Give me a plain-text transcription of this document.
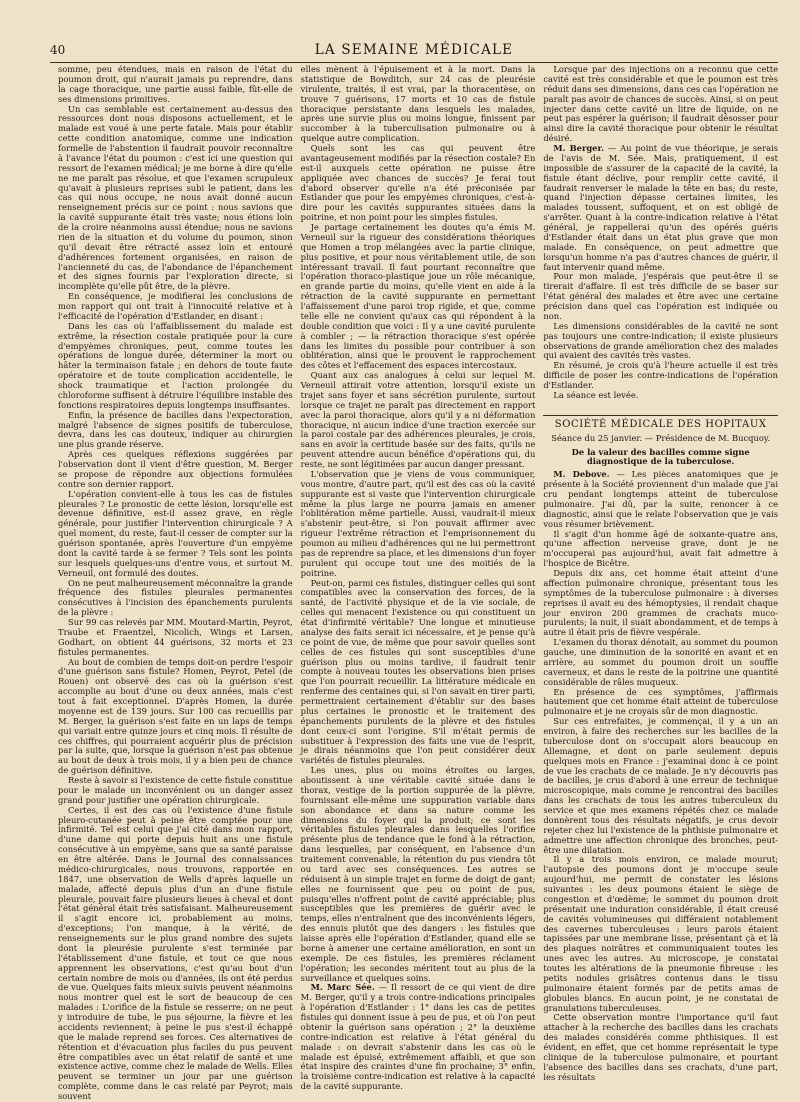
40	LA SEMAINE MÉDICALE

somme, peu étendues, mais en raison de l'état du poumon droit, qui n'aurait jamais pu reprendre, dans la cage thoracique, une partie aussi faible, fût-elle de ses dimensions primitives.

Un cas semblable est certainement au-dessus des ressources dont nous disposons actuellement, et le malade est voué à une perte fatale. Mais pour établir cette condition anatomique, comme une indication formelle de l'abstention il faudrait pouvoir reconnaître à l'avance l'état du poumon : c'est ici une question qui ressort de l'examen médical; je me borne à dire qu'elle ne me paraît pas résolue, et que l'examen scrupuleux qu'avait à plusieurs reprises subi le patient, dans les cas qui nous occupe, ne nous avait donné aucun renseignement précis sur ce point : nous savions que la cavité suppurante était très vaste; nous étions loin de la croire néanmoins aussi étendue; nous ne savions rien de la situation et du volume du poumon, sinon qu'il devait être rétracté assez loin et entouré d'adhérences fortement organisées, en raison de l'ancienneté du cas, de l'abondance de l'épanchement et des signes fournis par l'exploration directe, si incomplète qu'elle pût être, de la plèvre.

En conséquence, je modifierai les conclusions de mon rapport qui ont trait à l'innocuité relative et à l'efficacité de l'opération d'Estlander, en disant :

Dans les cas où l'affaiblissement du malade est extrême, la résection costale pratiquée pour la cure d'empyèmes chroniques, peut, comme toutes les opérations de longue durée, déterminer la mort ou hâter la terminaison fatale ; en dehors de toute faute opératoire et de toute complication accidentelle, le shock traumatique et l'action prolongée du chloroforme suffisent à détruire l'équilibre instable des fonctions respiratoires depuis longtemps insuffisantes.

Enfin, la présence de bacilles dans l'expectoration, malgré l'absence de signes positifs de tuberculose, devra, dans les cas douteux, indiquer au chirurgien une plus grande réserve.

Après ces quelques réflexions suggérées par l'observation dont il vient d'être question, M. Berger se propose de répondre aux objections formulées contre son dernier rapport.

L'opération convient-elle à tous les cas de fistules pleurales ? Le pronostic de cette lésion, lorsqu'elle est devenue définitive, est-il assez grave, en règle générale, pour justifier l'intervention chirurgicale ? A quel moment, du reste, faut-il cesser de compter sur la guérison spontanée, après l'ouverture d'un empyème dont la cavité tarde à se fermer ? Tels sont les points sur lesquels quelques-uns d'entre vous, et surtout M. Verneuil, ont formulé des doutes.

On ne peut malheureusement méconnaître la grande fréquence des fistules pleurales permanentes consécutives à l'incision des épanchements purulents de la plèvre :

Sur 99 cas relevés par MM. Moutard-Martin, Peyrot, Traube et Fraentzel, Nicolich, Wings et Larsen, Godhart, on obtient 44 guérisons, 32 morts et 23 fistules permanentes.

Au bout de combien de temps doit-on perdre l'espoir d'une guérison sans fistule? Homen, Peyrot, Petel (de Rouen) ont observé des cas où la guérison s'est accomplie au bout d'une ou deux années, mais c'est tout à fait exceptionnel. D'après Homen, la durée moyenne est de 139 jours. Sur 100 cas recueillis par M. Berger, la guérison s'est faite en un laps de temps qui variait entre quinze jours et cinq mois. Il résulte de ces chiffres, qui pourraient acquérir plus de précision par la suite, que, lorsque la guérison n'est pas obtenue au bout de deux à trois mois, il y a bien peu de chance de guérison définitive.

Reste à savoir si l'existence de cette fistule constitue pour le malade un inconvénient ou un danger assez grand pour justifier une opération chirurgicale.

Certes, il est des cas où l'existence d'une fistule pleuro-cutanée peut à peine être comptée pour une infirmité. Tel est celui que j'ai cité dans mon rapport, d'une dame qui porte depuis huit ans une fistule consécutive à un empyème, sans que sa santé paraisse en être altérée. Dans le Journal des connaissances médico-chirurgicales, nous trouvons, rapportée en 1847, une observation de Wells d'après laquelle un malade, affecté depuis plus d'un an d'une fistule pleurale, pouvait faire plusieurs lieues à cheval et dont l'état général était très satisfaisant. Malheureusement il s'agit encore ici, probablement au moins, d'exceptions; l'on manque, à la vérité, de renseignements sur le plus grand nombre des sujets dont la pleurésie purulente s'est terminée par l'établissement d'une fistule, et tout ce que nous apprennent les observations, c'est qu'au bout d'un certain nombre de mois ou d'années, ils ont été perdus de vue. Quelques faits mieux suivis peuvent néanmoins nous montrer quel est le sort de beaucoup de ces malades : L'orifice de la fistule se resserre; on ne peut y introduire de tube, le pus séjourne, la fièvre et les accidents reviennent; à peine le pus s'est-il échappé que le malade reprend ses forces. Ces alternatives de rétention et d'évacuation plus faciles du pus peuvent être compatibles avec un état relatif de santé et une existence active, comme chez le malade de Wells. Elles peuvent se terminer un jour par une guérison complète, comme dans le cas relaté par Peyrot; mais souvent

elles mènent à l'épuisement et à la mort. Dans la statistique de Bowditch, sur 24 cas de pleurésie virulente, traités, il est vrai, par la thoracentèse, on trouve 7 guérisons, 17 morts et 10 cas de fistule thoracique persistante dans lesquels les malades, après une survie plus ou moins longue, finissent par succomber à la tuberculisation pulmonaire ou à quelque autre complication.

Quels sont les cas qui peuvent être avantageusement modifiés par la résection costale? En est-il auxquels cette opération ne puisse être appliquée avec chances de succès? Je ferai tout d'abord observer qu'elle n'a été préconisée par Estlander que pour les empyèmes chroniques, c'est-à-dire pour les cavités suppurantes situées dans la poitrine, et non point pour les simples fistules.

Je partage certainement les doutes qu'a émis M. Verneuil sur la rigueur des considérations théoriques que Homen a trop mélangées avec la partie clinique, plus positive, et pour nous véritablement utile, de son intéressant travail. Il faut pourtant reconnaître que l'opération thoraco-plastique joue un rôle mécanique, en grande partie du moins, qu'elle vient en aide à la rétraction de la cavité suppurante en permettant l'affaissement d'une paroi trop rigide, et que, comme telle elle ne convient qu'aux cas qui répondent à la double condition que voici : Il y a une cavité purulente à combler ; — la rétraction thoracique s'est opérée dans les limites du possible pour contribuer à son oblitération, ainsi que le prouvent le rapprochement des côtes et l'effacement des espaces intercostaux.

Quant aux cas analogues à celui sur lequel M. Verneuil attirait votre attention, lorsqu'il existe un trajet sans foyer et sans sécrétion purulente, surtout lorsque ce trajet ne paraît pas directement en rapport avec la paroi thoracique, alors qu'il y a ni déformation thoracique, ni aucun indice d'une traction exercée sur la paroi costale par des adhérences pleurales, je crois, sans en avoir la certitude basée sur des faits, qu'ils ne peuvent attendre aucun bénéfice d'opérations qui, du reste, ne sont légitimées par aucun danger pressant.

L'observation que je viens de vous communiquer, vous montre, d'autre part, qu'il est des cas où la cavité suppurante est si vaste que l'intervention chirurgicale même la plus large ne pourra jamais en amener l'oblitération même partielle. Aussi, vaudrait-il mieux s'abstenir peut-être, si l'on pouvait affirmer avec rigueur l'extrême rétraction et l'emprisonnement du poumon au milieu d'adhérences qui ne lui permettront pas de reprendre sa place, et les dimensions d'un foyer purulent qui occupe tout une des moitiés de la poitrine.

Peut-on, parmi ces fistules, distinguer celles qui sont compatibles avec la conservation des forces, de la santé, de l'activité physique et de la vie sociale, de celles qui menacent l'existence ou qui constituent un état d'infirmité véritable? Une longue et minutieuse analyse des faits serait ici nécessaire, et je pense qu'à ce point de vue, de même que pour savoir quelles sont celles de ces fistules qui sont susceptibles d'une guérison plus ou moins tardive, il faudrait tenir compte à nouveau toutes les observations bien prises que l'on pourrait recueillir. La littérature médicale en renferme des centaines qui, si l'on savait en tirer parti, permettraient certainement d'établir sur des bases plus certaines le pronostic et le traitement des épanchements purulents de la plèvre et des fistules dont ceux-ci sont l'origine. S'il m'était permis de substituer à l'expression des faits une vue de l'esprit, je dirais néanmoins que l'on peut considérer deux variétés de fistules pleurales.

Les unes, plus ou moins étroites ou larges, aboutissent à une véritable cavité située dans le thorax, vestige de la portion suppurée de la plèvre, fournissant elle-même une suppuration variable dans son abondance et dans sa nature comme les dimensions du foyer qui la produit; ce sont les véritables fistules pleurales dans lesquelles l'orifice présente plus de tendance que le fond à la rétraction, dans lesquelles, par conséquent, en l'absence d'un traitement convenable, la rétention du pus viendra tôt ou tard avec ses conséquences. Les autres se réduisent à un simple trajet en forme de doigt de gant; elles ne fournissent que peu ou point de pus, puisqu'elles n'offrent point de cavité appréciable; plus susceptibles que les premières de guérir avec le temps, elles n'entraînent que des inconvénients légers, des ennuis plutôt que des dangers : les fistules que laisse après elle l'opération d'Estlander, quand elle se borne à amener une certaine amélioration, en sont un exemple. De ces fistules, les premières réclament l'opération; les secondes méritent tout au plus de la surveillance et quelques soins.

M. Marc Sée. — Il ressort de ce qui vient de dire M. Berger, qu'il y a trois contre-indications principales à l'opération d'Estlander : 1° dans les cas de petites fistules qui donnent issue à peu de pus, et où l'on peut obtenir la guérison sans opération ; 2° la deuxième contre-indication est relative à l'état général du malade : on devrait s'abstenir dans les cas où le malade est épuisé, extrêmement affaibli, et que son état inspire des craintes d'une fin prochaine; 3° enfin, la troisième contre-indication est relative à la capacité de la cavité suppurante.

Lorsque par des injections on a reconnu que cette cavité est très considérable et que le poumon est très réduit dans ses dimensions, dans ces cas l'opération ne paraît pas avoir de chances de succès. Ainsi, si on peut injecter dans cette cavité un litre de liquide, on ne peut pas espérer la guérison; il faudrait désosser pour ainsi dire la cavité thoracique pour obtenir le résultat désiré.

M. Berger. — Au point de vue théorique, je serais de l'avis de M. Sée. Mais, pratiquement, il est impossible de s'assurer de la capacité de la cavité, la fistule étant déclive, pour remplir cette cavité, il faudrait renverser le malade la tête en bas; du reste, quand l'injection dépasse certaines limites, les malades toussent, suffoquent, et on est obligé de s'arrêter. Quant à la contre-indication relative à l'état général, je rappellerai qu'un des opérés guéris d'Estlander était dans un état plus grave que mon malade. En conséquence, on peut admettre que lorsqu'un homme n'a pas d'autres chances de guérir, il faut intervenir quand même.

Pour mon malade, j'espérais que peut-être il se tirerait d'affaire. Il est très difficile de se baser sur l'état général des malades et être avec une certaine précision dans quel cas l'opération est indiquée ou non.

Les dimensions considérables de la cavité ne sont pas toujours une contre-indication; il existe plusieurs observations de grande amélioration chez des malades qui avaient des cavités très vastes.

En résumé, je crois qu'à l'heure actuelle il est très difficile de poser les contre-indications de l'opération d'Estlander.

La séance est levée.

SOCIÉTÉ MÉDICALE DES HOPITAUX
Séance du 25 janvier. — Présidence de M. Bucquoy.
De la valeur des bacilles comme signe diagnostique de la tuberculose.

M. Debove. — Les pièces anatomiques que je présente à la Société proviennent d'un malade que j'ai cru pendant longtemps atteint de tuberculose pulmonaire. J'ai dû, par la suite, renoncer à ce diagnostic, ainsi que le relate l'observation que je vais vous résumer brièvement.

Il s'agit d'un homme âgé de soixante-quatre ans, qu'une affection nerveuse grave, dont je ne m'occuperai pas aujourd'hui, avait fait admettre à l'hospice de Bicêtre.

Depuis dix ans, cet homme était atteint d'une affection pulmonaire chronique, présentant tous les symptômes de la tuberculose pulmonaire : à diverses reprises il avait eu des hémoptysies, il rendait chaque jour environ 200 grammes de crachats muco-purulents; la nuit, il suait abondamment, et de temps à autre il était pris de fièvre vespérale.

L'examen du thorax dénotait, au sommet du poumon gauche, une diminution de la sonorité en avant et en arrière, au sommet du poumon droit un souffle caverneux, et dans le reste de la poitrine une quantité considérable de râles muqueux.

En présence de ces symptômes, j'affirmais hautement que cet homme était atteint de tuberculose pulmonaire et je ne croyais sûr de mon diagnostic.

Sur ces entrefaites, je commençai, il y a un an environ, à faire des recherches sur les bacilles de la tuberculose dont on s'occupait alors beaucoup en Allemagne, et dont on parle seulement depuis quelques mois en France : j'examinai donc à ce point de vue les crachats de ce malade. Je n'y découvris pas de bacilles, je crus d'abord à une erreur de technique microscopique, mais comme je rencontrai des bacilles dans les crachats de tous les autres tuberculeux du service et que mes examens répétés chez ce malade donnèrent tous des résultats négatifs, je crus devoir rejeter chez lui l'existence de la phthisie pulmonaire et admettre une affection chronique des bronches, peut-être une dilatation.

Il y a trois mois environ, ce malade mourut; l'autopsie des poumons dont je m'occupe seule aujourd'hui, me permit de constater les lésions suivantes : les deux poumons étaient le siège de congestion et d'œdème; le sommet du poumon droit présentait une induration considérable, il était creusé de cavités volumineuses qui différaient notablement des cavernes tuberculeuses : leurs parois étaient tapissées par une membrane lisse, présentant çà et là des plaques noirâtres et communiquaient toutes les unes avec les autres. Au microscope, je constatai toutes les altérations de la pneumonie fibreuse : les petits nodules grisâtres contenus dans le tissu pulmonaire étaient formés par de petits amas de globules blancs. En aucun point, je ne constatai de granulations tuberculeuses.

Cette observation montre l'importance qu'il faut attacher à la recherche des bacilles dans les crachats des malades considérés comme phthisiques. Il est évident, en effet, que cet homme représentait le type clinique de la tuberculose pulmonaire, et pourtant l'absence des bacilles dans ses crachats, d'une part, les résultats
